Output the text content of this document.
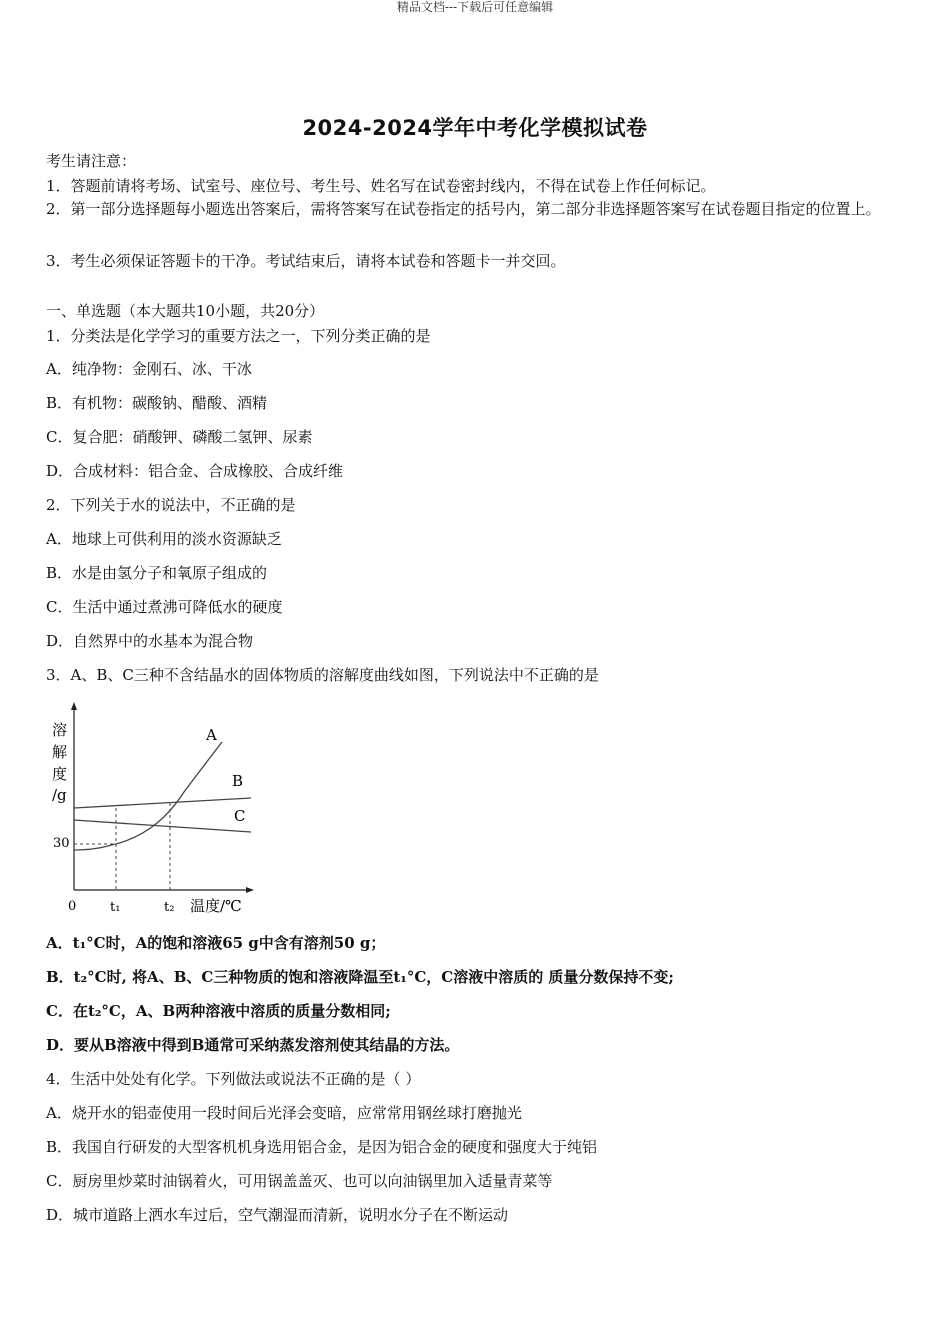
精品文档---下载后可任意编辑
2024-2024学年中考化学模拟试卷
考生请注意：
1．答题前请将考场、试室号、座位号、考生号、姓名写在试卷密封线内，不得在试卷上作任何标记。
2．第一部分选择题每小题选出答案后，需将答案写在试卷指定的括号内，第二部分非选择题答案写在试卷题目指定的位置上。
3．考生必须保证答题卡的干净。考试结束后，请将本试卷和答题卡一并交回。
一、单选题（本大题共10小题，共20分）
1．分类法是化学学习的重要方法之一，下列分类正确的是
A．纯净物：金刚石、冰、干冰
B．有机物：碳酸钠、醋酸、酒精
C．复合肥：硝酸钾、磷酸二氢钾、尿素
D．合成材料：铝合金、合成橡胶、合成纤维
2．下列关于水的说法中，不正确的是
A．地球上可供利用的淡水资源缺乏
B．水是由氢分子和氧原子组成的
C．生活中通过煮沸可降低水的硬度
D．自然界中的水基本为混合物
3．A、B、C三种不含结晶水的固体物质的溶解度曲线如图，下列说法中不正确的是
溶
解
度
/g
A
B
C
30
0	t₁	t₂ 温度/℃
A．t₁°C时，A的饱和溶液65 g中含有溶剂50 g；
B．t₂°C时, 将A、B、C三种物质的饱和溶液降温至t₁°C，C溶液中溶质的 质量分数保持不变;
C．在t₂°C，A、B两种溶液中溶质的质量分数相同;
D．要从B溶液中得到B通常可采纳蒸发溶剂使其结晶的方法。
4．生活中处处有化学。下列做法或说法不正确的是（ ）
A．烧开水的铝壶使用一段时间后光泽会变暗，应常常用钢丝球打磨抛光
B．我国自行研发的大型客机机身选用铝合金，是因为铝合金的硬度和强度大于纯铝
C．厨房里炒菜时油锅着火，可用锅盖盖灭、也可以向油锅里加入适量青菜等
D．城市道路上洒水车过后，空气潮湿而清新，说明水分子在不断运动
